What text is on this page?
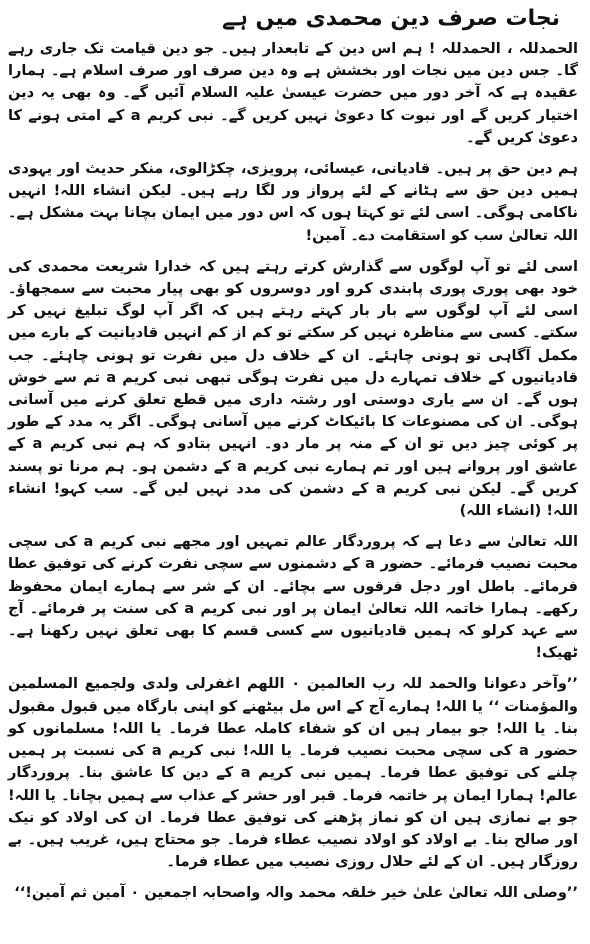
نجات صرف دین محمدی میں ہے

الحمدللہ ، الحمدللہ ! ہم اس دین کے تابعدار ہیں۔ جو دین قیامت تک جاری رہے گا۔ جس دین میں نجات اور بخشش ہے وہ دین صرف اور صرف اسلام ہے۔ ہمارا عقیدہ ہے کہ آخر دور میں حضرت عیسیٰ علیہ السلام آئیں گے۔ وہ بھی یہ دین اختیار کریں گے اور نبوت کا دعویٰ نہیں کریں گے۔ نبی کریم a کے امتی ہونے کا دعویٰ کریں گے۔

ہم دین حق پر ہیں۔ قادیانی، عیسائی، پرویزی، چکڑالوی، منکر حدیث اور یہودی ہمیں دین حق سے ہٹانے کے لئے پرواز ور لگا رہے ہیں۔ لیکن انشاء اللہ! انہیں ناکامی ہوگی۔ اسی لئے تو کہتا ہوں کہ اس دور میں ایمان بچانا بہت مشکل ہے۔ اللہ تعالیٰ سب کو استقامت دے۔ آمین!

اسی لئے تو آپ لوگوں سے گذارش کرتے رہتے ہیں کہ خدارا شریعت محمدی کی خود بھی پوری پوری پابندی کرو اور دوسروں کو بھی پیار محبت سے سمجھاؤ۔ اسی لئے آپ لوگوں سے بار بار کہتے رہتے ہیں کہ اگر آپ لوگ تبلیغ نہیں کر سکتے۔ کسی سے مناظرہ نہیں کر سکتے تو کم از کم انہیں قادیانیت کے بارے میں مکمل آگاہی تو ہونی چاہئے۔ ان کے خلاف دل میں نفرت تو ہونی چاہئے۔ جب قادیانیوں کے خلاف تمہارے دل میں نفرت ہوگی تبھی نبی کریم a تم سے خوش ہوں گے۔ ان سے یاری دوستی اور رشتہ داری میں قطع تعلق کرنے میں آسانی ہوگی۔ ان کی مصنوعات کا بائیکاٹ کرنے میں آسانی ہوگی۔ اگر یہ مدد کے طور پر کوئی چیز دیں تو ان کے منہ پر مار دو۔ انہیں بتادو کہ ہم نبی کریم a کے عاشق اور پروانے ہیں اور تم ہمارے نبی کریم a کے دشمن ہو۔ ہم مرنا تو پسند کریں گے۔ لیکن نبی کریم a کے دشمن کی مدد نہیں لیں گے۔ سب کہو! انشاء اللہ! (انشاء اللہ)

اللہ تعالیٰ سے دعا ہے کہ پروردگار عالم تمہیں اور مجھے نبی کریم a کی سچی محبت نصیب فرمائے۔ حضور a کے دشمنوں سے سچی نفرت کرنے کی توفیق عطا فرمائے۔ باطل اور دجل فرقوں سے بچائے۔ ان کے شر سے ہمارے ایمان محفوظ رکھے۔ ہمارا خاتمہ اللہ تعالیٰ ایمان پر اور نبی کریم a کی سنت پر فرمائے۔ آج سے عہد کرلو کہ ہمیں قادیانیوں سے کسی قسم کا بھی تعلق نہیں رکھنا ہے۔ ٹھیک!

’’وآخر دعوانا والحمد للہ رب العالمین ۰ اللھم اغفرلی ولدی ولجمیع المسلمین والمؤمنات ‘‘ یا اللہ! ہمارے آج کے اس مل بیٹھنے کو اپنی بارگاہ میں قبول مقبول بنا۔ یا اللہ! جو بیمار ہیں ان کو شفاء کاملہ عطا فرما۔ یا اللہ! مسلمانوں کو حضور a کی سچی محبت نصیب فرما۔ یا اللہ! نبی کریم a کی نسبت پر ہمیں چلنے کی توفیق عطا فرما۔ ہمیں نبی کریم a کے دین کا عاشق بنا۔ پروردگار عالم! ہمارا ایمان پر خاتمہ فرما۔ قبر اور حشر کے عذاب سے ہمیں بچانا۔ یا اللہ! جو بے نمازی ہیں ان کو نماز پڑھنے کی توفیق عطا فرما۔ ان کی اولاد کو نیک اور صالح بنا۔ بے اولاد کو اولاد نصیب عطاء فرما۔ جو محتاج ہیں، غریب ہیں۔ بے روزگار ہیں۔ ان کے لئے حلال روزی نصیب میں عطاء فرما۔

’’وصلی اللہ تعالیٰ علیٰ خیر خلقہ محمد والہ واصحابہ اجمعین ۰ آمین ثم آمین!‘‘
